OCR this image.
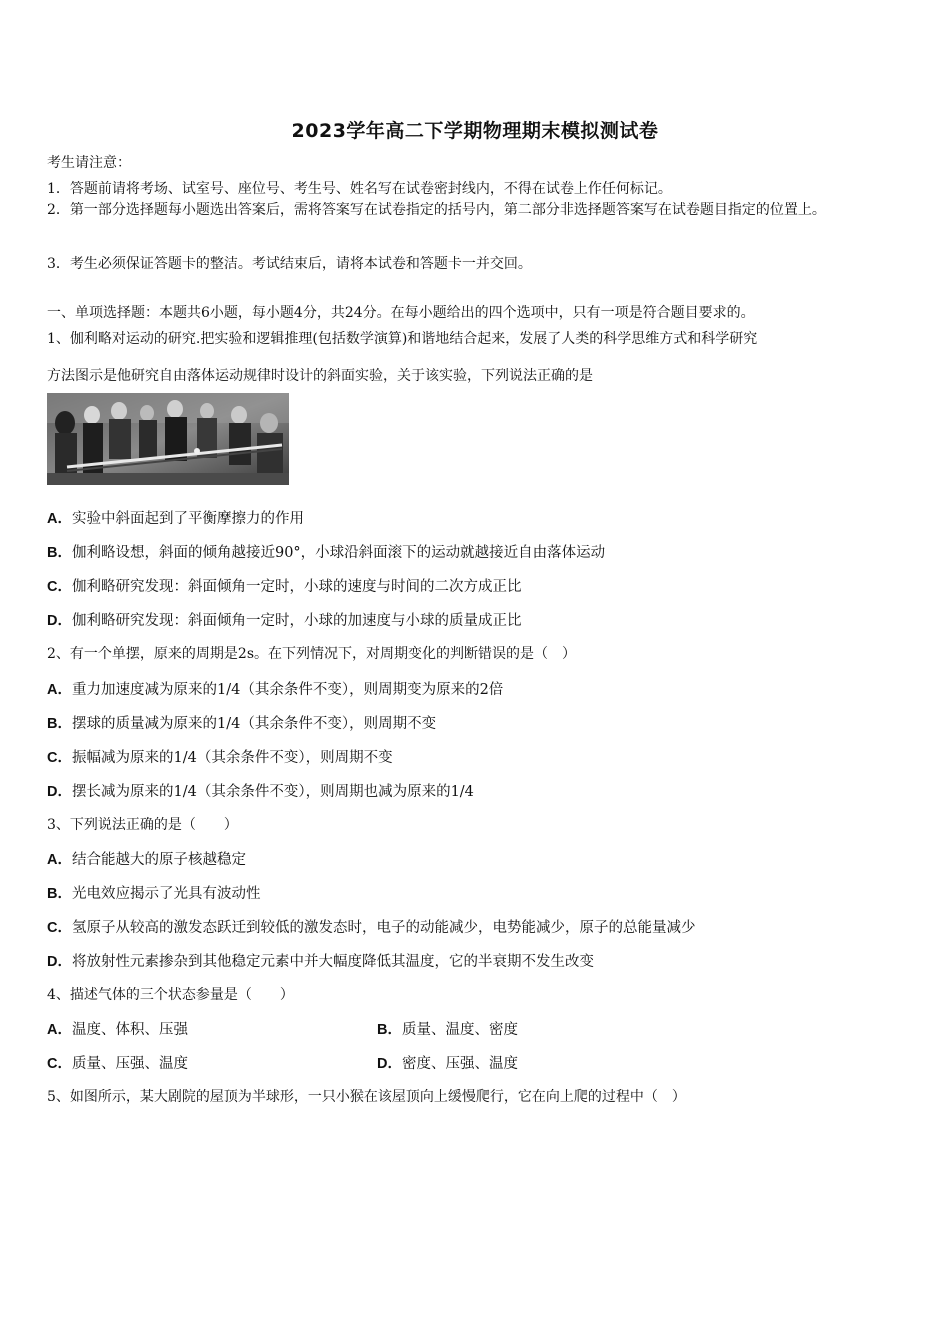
2023学年高二下学期物理期末模拟测试卷
考生请注意：
1．答题前请将考场、试室号、座位号、考生号、姓名写在试卷密封线内，不得在试卷上作任何标记。
2．第一部分选择题每小题选出答案后，需将答案写在试卷指定的括号内，第二部分非选择题答案写在试卷题目指定的位置上。
3．考生必须保证答题卡的整洁。考试结束后，请将本试卷和答题卡一并交回。
一、单项选择题：本题共6小题，每小题4分，共24分。在每小题给出的四个选项中，只有一项是符合题目要求的。
1、伽利略对运动的研究.把实验和逻辑推理(包括数学演算)和谐地结合起来，发展了人类的科学思维方式和科学研究
方法图示是他研究自由落体运动规律时设计的斜面实验，关于该实验，下列说法正确的是
A．实验中斜面起到了平衡摩擦力的作用
B．伽利略设想，斜面的倾角越接近90°，小球沿斜面滚下的运动就越接近自由落体运动
C．伽利略研究发现：斜面倾角一定时，小球的速度与时间的二次方成正比
D．伽利略研究发现：斜面倾角一定时，小球的加速度与小球的质量成正比
2、有一个单摆，原来的周期是2s。在下列情况下，对周期变化的判断错误的是（　）
A．重力加速度减为原来的1/4（其余条件不变），则周期变为原来的2倍
B．摆球的质量减为原来的1/4（其余条件不变），则周期不变
C．振幅减为原来的1/4（其余条件不变），则周期不变
D．摆长减为原来的1/4（其余条件不变），则周期也减为原来的1/4
3、下列说法正确的是（　　）
A．结合能越大的原子核越稳定
B．光电效应揭示了光具有波动性
C．氢原子从较高的激发态跃迁到较低的激发态时，电子的动能减少，电势能减少，原子的总能量减少
D．将放射性元素掺杂到其他稳定元素中并大幅度降低其温度，它的半衰期不发生改变
4、描述气体的三个状态参量是（　　）
A．温度、体积、压强	B．质量、温度、密度
C．质量、压强、温度	D．密度、压强、温度
5、如图所示，某大剧院的屋顶为半球形，一只小猴在该屋顶向上缓慢爬行，它在向上爬的过程中（　）
